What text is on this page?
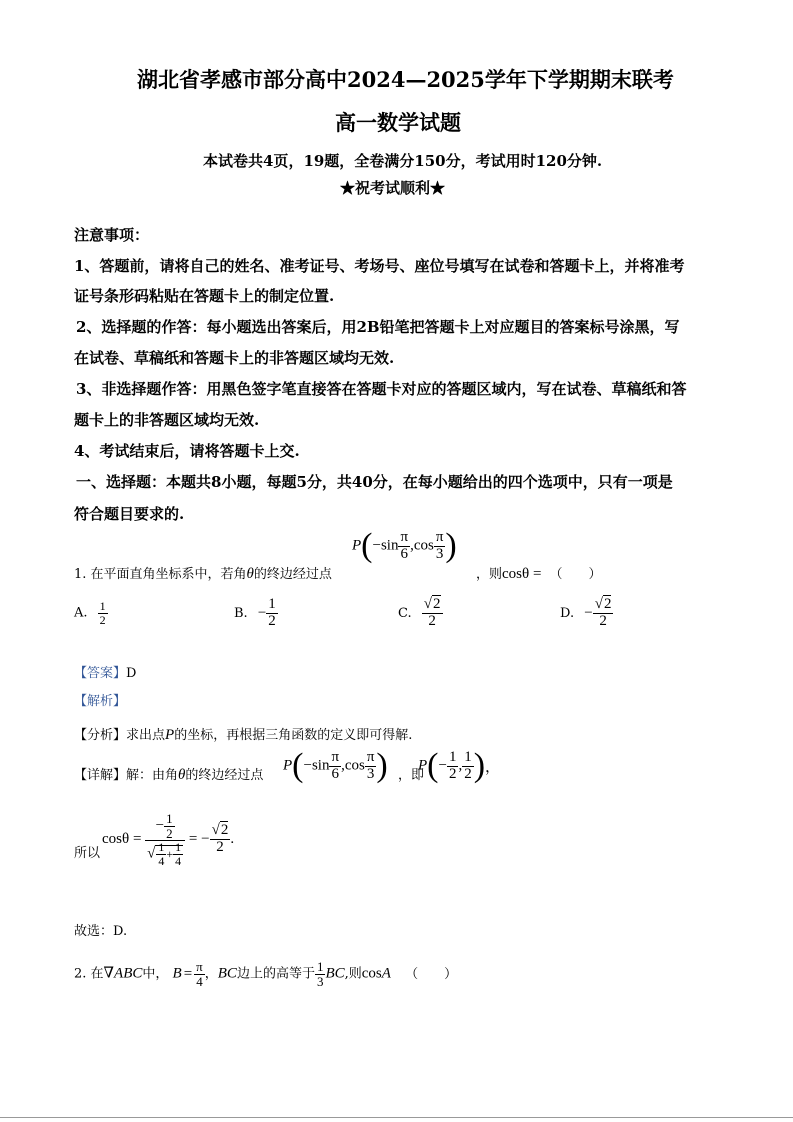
湖北省孝感市部分高中2024—2025学年下学期期末联考
高一数学试题
本试卷共4页，19题，全卷满分150分，考试用时120分钟.
★祝考试顺利★
注意事项：
1、答题前，请将自己的姓名、准考证号、考场号、座位号填写在试卷和答题卡上，并将准考
证号条形码粘贴在答题卡上的制定位置.
2、选择题的作答：每小题选出答案后，用2B铅笔把答题卡上对应题目的答案标号涂黑，写
在试卷、草稿纸和答题卡上的非答题区域均无效.
3、非选择题作答：用黑色签字笔直接答在答题卡对应的答题区域内，写在试卷、草稿纸和答
题卡上的非答题区域均无效.
4、考试结束后，请将答题卡上交.
一、选择题：本题共8小题，每题5分，共40分，在每小题给出的四个选项中，只有一项是
符合题目要求的.
1. 在平面直角坐标系中，若角θ的终边经过点
$P(-\sin \frac{\pi}{6} ,\cos \frac{\pi}{3}$ )
，则cosθ = （　　）
A. $\frac{1}{2}$	B. − $\frac{1}{2}$	C. $\frac{√2}{2}$	D. − $\frac{√2}{2}$
【答案】D
【解析】
【分析】求出点P的坐标，再根据三角函数的定义即可得解.
【详解】解：由角θ的终边经过点
$P(-\sin \frac{\pi}{6} ,\cos \frac{\pi}{3}$ ) ，即
$P(- \frac{1}{2}$ , $\frac{1}{2}$ )，
所以
$\cos\theta = \frac{- \frac{1}{2}}{√ \frac{1}{4} + \frac{1}{4}}$ = − $\frac{√2}{2}$ .
故选：D.
2. 在∇ABC中， $B = \frac{\pi}{4}$ ，BC边上的高等于 $\frac{1}{3}$ BC,则cosA （　　）
